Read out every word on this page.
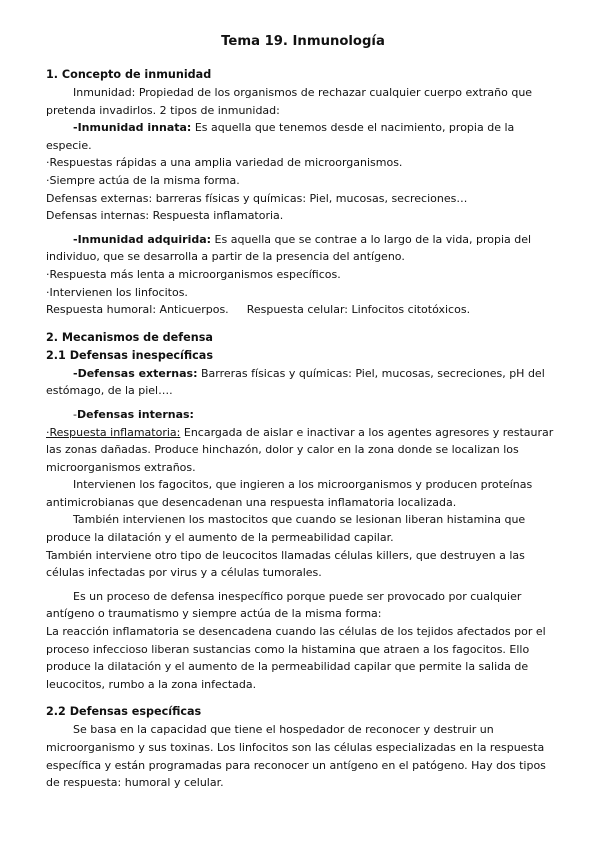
Tema 19. Inmunología
1. Concepto de inmunidad

Inmunidad: Propiedad de los organismos de rechazar cualquier cuerpo extraño que pretenda invadirlos. 2 tipos de inmunidad:

-Inmunidad innata: Es aquella que tenemos desde el nacimiento, propia de la especie.

·Respuestas rápidas a una amplia variedad de microorganismos.

·Siempre actúa de la misma forma.

Defensas externas: barreras físicas y químicas: Piel, mucosas, secreciones…

Defensas internas: Respuesta inflamatoria.

-Inmunidad adquirida: Es aquella que se contrae a lo largo de la vida, propia del individuo, que se desarrolla a partir de la presencia del antígeno.

·Respuesta más lenta a microorganismos específicos.

·Intervienen los linfocitos.

Respuesta humoral: Anticuerpos. Respuesta celular: Linfocitos citotóxicos.

2. Mecanismos de defensa
2.1 Defensas inespecíficas

-Defensas externas: Barreras físicas y químicas: Piel, mucosas, secreciones, pH del estómago, de la piel….

-Defensas internas:

·Respuesta inflamatoria: Encargada de aislar e inactivar a los agentes agresores y restaurar las zonas dañadas. Produce hinchazón, dolor y calor en la zona donde se localizan los microorganismos extraños.

Intervienen los fagocitos, que ingieren a los microorganismos y producen proteínas antimicrobianas que desencadenan una respuesta inflamatoria localizada.

También intervienen los mastocitos que cuando se lesionan liberan histamina que produce la dilatación y el aumento de la permeabilidad capilar.

También interviene otro tipo de leucocitos llamadas células killers, que destruyen a las células infectadas por virus y a células tumorales.

Es un proceso de defensa inespecífico porque puede ser provocado por cualquier antígeno o traumatismo y siempre actúa de la misma forma:

La reacción inflamatoria se desencadena cuando las células de los tejidos afectados por el proceso infeccioso liberan sustancias como la histamina que atraen a los fagocitos. Ello produce la dilatación y el aumento de la permeabilidad capilar que permite la salida de leucocitos, rumbo a la zona infectada.

2.2 Defensas específicas

Se basa en la capacidad que tiene el hospedador de reconocer y destruir un microorganismo y sus toxinas. Los linfocitos son las células especializadas en la respuesta específica y están programadas para reconocer un antígeno en el patógeno. Hay dos tipos de respuesta: humoral y celular.
